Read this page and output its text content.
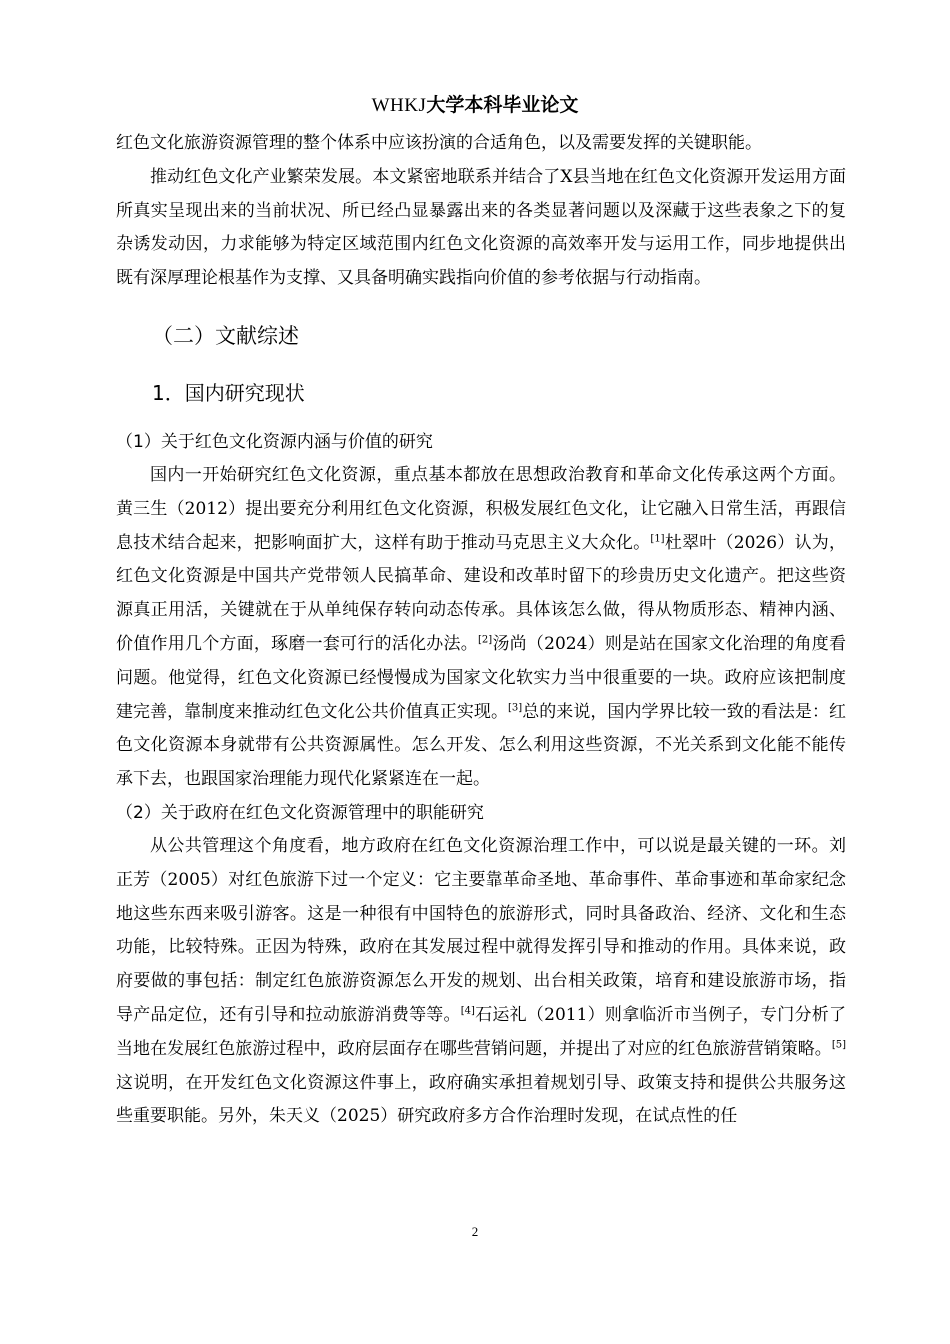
WHKJ大学本科毕业论文

红色文化旅游资源管理的整个体系中应该扮演的合适角色，以及需要发挥的关键职能。

推动红色文化产业繁荣发展。本文紧密地联系并结合了X县当地在红色文化资源开发运用方面所真实呈现出来的当前状况、所已经凸显暴露出来的各类显著问题以及深藏于这些表象之下的复杂诱发动因，力求能够为特定区域范围内红色文化资源的高效率开发与运用工作，同步地提供出既有深厚理论根基作为支撑、又具备明确实践指向价值的参考依据与行动指南。

（二）文献综述
1．国内研究现状
（1）关于红色文化资源内涵与价值的研究

国内一开始研究红色文化资源，重点基本都放在思想政治教育和革命文化传承这两个方面。黄三生（2012）提出要充分利用红色文化资源，积极发展红色文化，让它融入日常生活，再跟信息技术结合起来，把影响面扩大，这样有助于推动马克思主义大众化。[1]杜翠叶（2026）认为，红色文化资源是中国共产党带领人民搞革命、建设和改革时留下的珍贵历史文化遗产。把这些资源真正用活，关键就在于从单纯保存转向动态传承。具体该怎么做，得从物质形态、精神内涵、价值作用几个方面，琢磨一套可行的活化办法。[2]汤尚（2024）则是站在国家文化治理的角度看问题。他觉得，红色文化资源已经慢慢成为国家文化软实力当中很重要的一块。政府应该把制度建完善，靠制度来推动红色文化公共价值真正实现。[3]总的来说，国内学界比较一致的看法是：红色文化资源本身就带有公共资源属性。怎么开发、怎么利用这些资源，不光关系到文化能不能传承下去，也跟国家治理能力现代化紧紧连在一起。

（2）关于政府在红色文化资源管理中的职能研究

从公共管理这个角度看，地方政府在红色文化资源治理工作中，可以说是最关键的一环。刘正芳（2005）对红色旅游下过一个定义：它主要靠革命圣地、革命事件、革命事迹和革命家纪念地这些东西来吸引游客。这是一种很有中国特色的旅游形式，同时具备政治、经济、文化和生态功能，比较特殊。正因为特殊，政府在其发展过程中就得发挥引导和推动的作用。具体来说，政府要做的事包括：制定红色旅游资源怎么开发的规划、出台相关政策，培育和建设旅游市场，指导产品定位，还有引导和拉动旅游消费等等。[4]石运礼（2011）则拿临沂市当例子，专门分析了当地在发展红色旅游过程中，政府层面存在哪些营销问题，并提出了对应的红色旅游营销策略。[5]这说明，在开发红色文化资源这件事上，政府确实承担着规划引导、政策支持和提供公共服务这些重要职能。另外，朱天义（2025）研究政府多方合作治理时发现，在试点性的任

2
